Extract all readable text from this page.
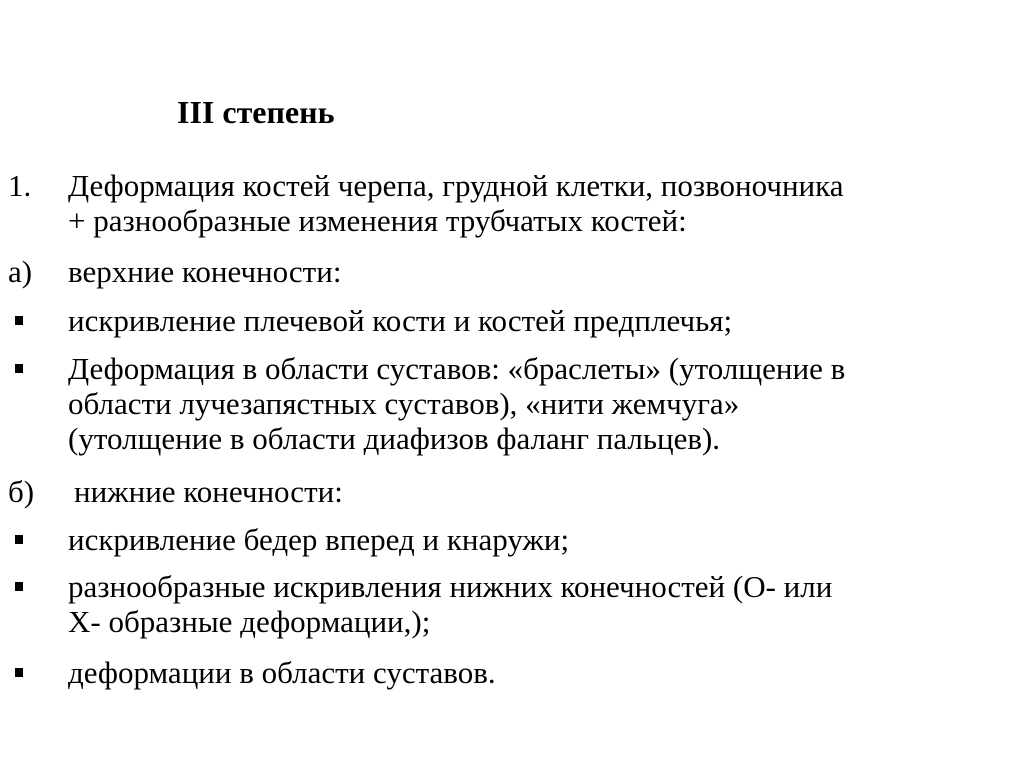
III степень
1. Деформация костей черепа, грудной клетки, позвоночника
+ разнообразные изменения трубчатых костей:
а) верхние конечности:
искривление плечевой кости и костей предплечья;
Деформация в области суставов: «браслеты» (утолщение в
области лучезапястных суставов), «нити жемчуга»
(утолщение в области диафизов фаланг пальцев).
б) нижние конечности:
искривление бедер вперед и кнаружи;
разнообразные искривления нижних конечностей (О- или
Х- образные деформации,);
деформации в области суставов.
